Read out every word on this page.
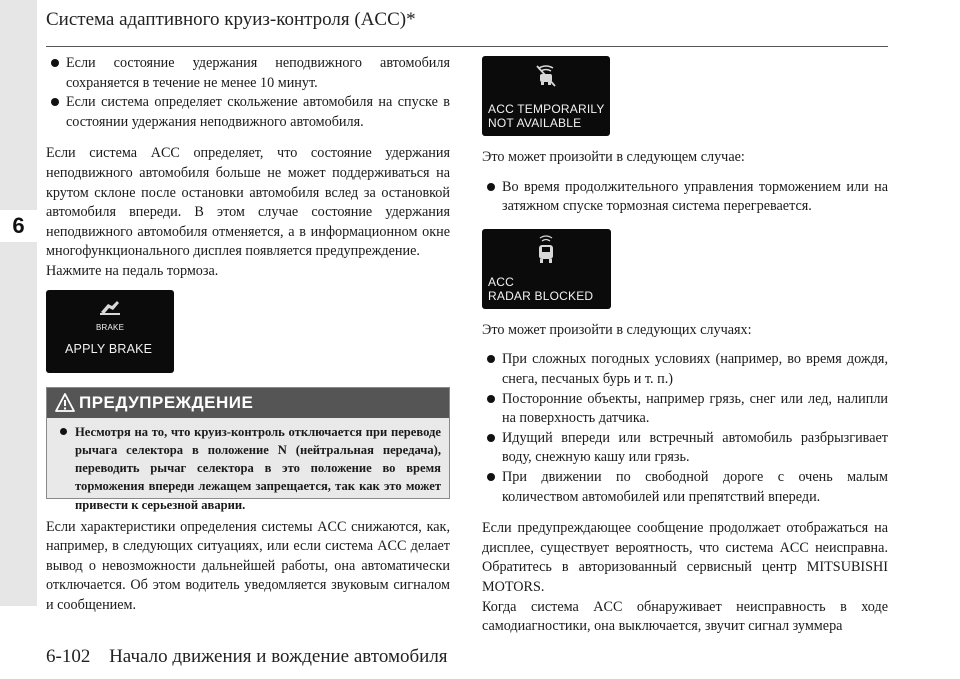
6
Система адаптивного круиз-контроля (ACC)*
Если состояние удержания неподвижного автомобиля сохраняется в течение не менее 10 минут.
Если система определяет скольжение автомобиля на спуске в состоянии удержания неподвижного автомобиля.

Если система ACC определяет, что состояние удержания неподвижного автомобиля больше не может поддерживаться на крутом склоне после остановки автомобиля вслед за остановкой автомобиля впереди. В этом случае состояние удержания неподвижного автомобиля отменяется, а в информационном окне многофункционального дисплея появляется предупреждение.

Нажмите на педаль тормоза.

BRAKE
APPLY BRAKE
ПРЕДУПРЕЖДЕНИЕ
Несмотря на то, что круиз-контроль отключается при переводе рычага селектора в положение N (нейтральная передача), переводить рычаг селектора в это положение во время торможения впереди лежащем запрещается, так как это может привести к серьезной аварии.

Если характеристики определения системы ACC снижаются, как, например, в следующих ситуациях, или если система ACC делает вывод о невозможности дальнейшей работы, она автоматически отключается. Об этом водитель уведомляется звуковым сигналом и сообщением.

ACC TEMPORARILY
NOT AVAILABLE

Это может произойти в следующем случае:

Во время продолжительного управления торможением или на затяжном спуске тормозная система перегревается.
ACC
RADAR BLOCKED

Это может произойти в следующих случаях:

При сложных погодных условиях (например, во время дождя, снега, песчаных бурь и т. п.)
Посторонние объекты, например грязь, снег или лед, налипли на поверхность датчика.
Идущий впереди или встречный автомобиль разбрызгивает воду, снежную кашу или грязь.
При движении по свободной дороге с очень малым количеством автомобилей или препятствий впереди.

Если предупреждающее сообщение продолжает отображаться на дисплее, существует вероятность, что система ACC неисправна. Обратитесь в авторизованный сервисный центр MITSUBISHI MOTORS.
Когда система ACC обнаруживает неисправность в ходе самодиагностики, она выключается, звучит сигнал зуммера

6-102 Начало движения и вождение автомобиля
